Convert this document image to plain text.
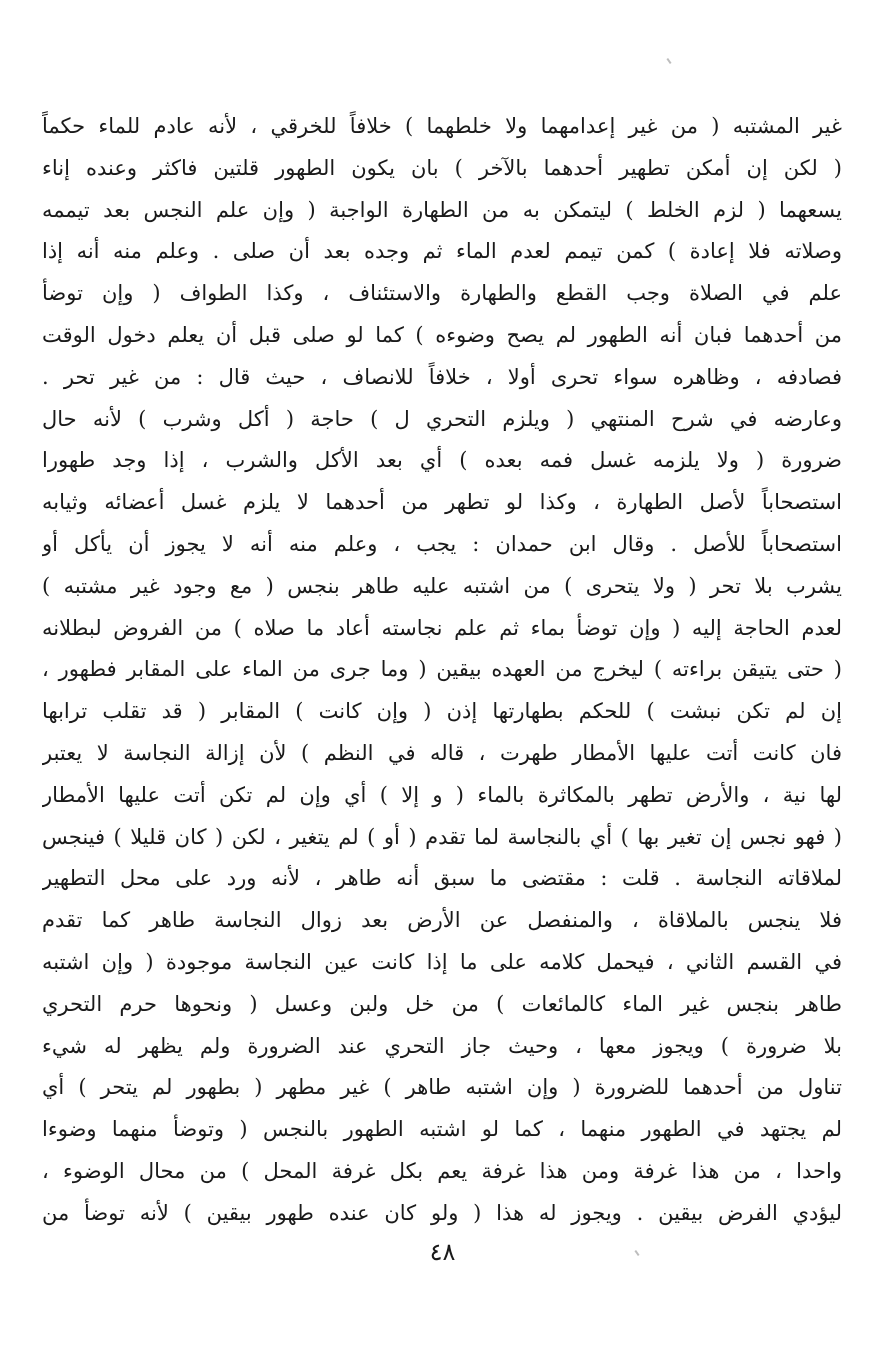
غير المشتبه ( من غير إعدامهما ولا خلطهما ) خلافاً للخرقي ، لأنه عادم للماء حكماً
( لكن إن أمكن تطهير أحدهما بالآخر ) بان يكون الطهور قلتين فاكثر وعنده إناء
يسعهما ( لزم الخلط ) ليتمكن به من الطهارة الواجبة ( وإن علم النجس بعد تيممه
وصلاته فلا إعادة ) كمن تيمم لعدم الماء ثم وجده بعد أن صلى . وعلم منه أنه إذا
علم في الصلاة وجب القطع والطهارة والاستئناف ، وكذا الطواف ( وإن توضأ
من أحدهما فبان أنه الطهور لم يصح وضوءه ) كما لو صلى قبل أن يعلم دخول الوقت
فصادفه ، وظاهره سواء تحرى أولا ، خلافاً للانصاف ، حيث قال : من غير تحر .
وعارضه في شرح المنتهي ( ويلزم التحري ل ) حاجة ( أكل وشرب ) لأنه حال
ضرورة ( ولا يلزمه غسل فمه بعده ) أي بعد الأكل والشرب ، إذا وجد طهورا
استصحاباً لأصل الطهارة ، وكذا لو تطهر من أحدهما لا يلزم غسل أعضائه وثيابه
استصحاباً للأصل . وقال ابن حمدان : يجب ، وعلم منه أنه لا يجوز أن يأكل أو
يشرب بلا تحر ( ولا يتحرى ) من اشتبه عليه طاهر بنجس ( مع وجود غير مشتبه )
لعدم الحاجة إليه ( وإن توضأ بماء ثم علم نجاسته أعاد ما صلاه ) من الفروض لبطلانه
( حتى يتيقن براءته ) ليخرج من العهده بيقين ( وما جرى من الماء على المقابر فطهور ،
إن لم تكن نبشت ) للحكم بطهارتها إذن ( وإن كانت ) المقابر ( قد تقلب ترابها
فان كانت أتت عليها الأمطار طهرت ، قاله في النظم ) لأن إزالة النجاسة لا يعتبر
لها نية ، والأرض تطهر بالمكاثرة بالماء ( و إلا ) أي وإن لم تكن أتت عليها الأمطار
( فهو نجس إن تغير بها ) أي بالنجاسة لما تقدم ( أو ) لم يتغير ، لكن ( كان قليلا ) فينجس
لملاقاته النجاسة . قلت : مقتضى ما سبق أنه طاهر ، لأنه ورد على محل التطهير
فلا ينجس بالملاقاة ، والمنفصل عن الأرض بعد زوال النجاسة طاهر كما تقدم
في القسم الثاني ، فيحمل كلامه على ما إذا كانت عين النجاسة موجودة ( وإن اشتبه
طاهر بنجس غير الماء كالمائعات ) من خل ولبن وعسل ( ونحوها حرم التحري
بلا ضرورة ) ويجوز معها ، وحيث جاز التحري عند الضرورة ولم يظهر له شيء
تناول من أحدهما للضرورة ( وإن اشتبه طاهر ) غير مطهر ( بطهور لم يتحر ) أي
لم يجتهد في الطهور منهما ، كما لو اشتبه الطهور بالنجس ( وتوضأ منهما وضوءا
واحدا ، من هذا غرفة ومن هذا غرفة يعم بكل غرفة المحل ) من محال الوضوء ،
ليؤدي الفرض بيقين . ويجوز له هذا ( ولو كان عنده طهور بيقين ) لأنه توضأ من
٤٨
